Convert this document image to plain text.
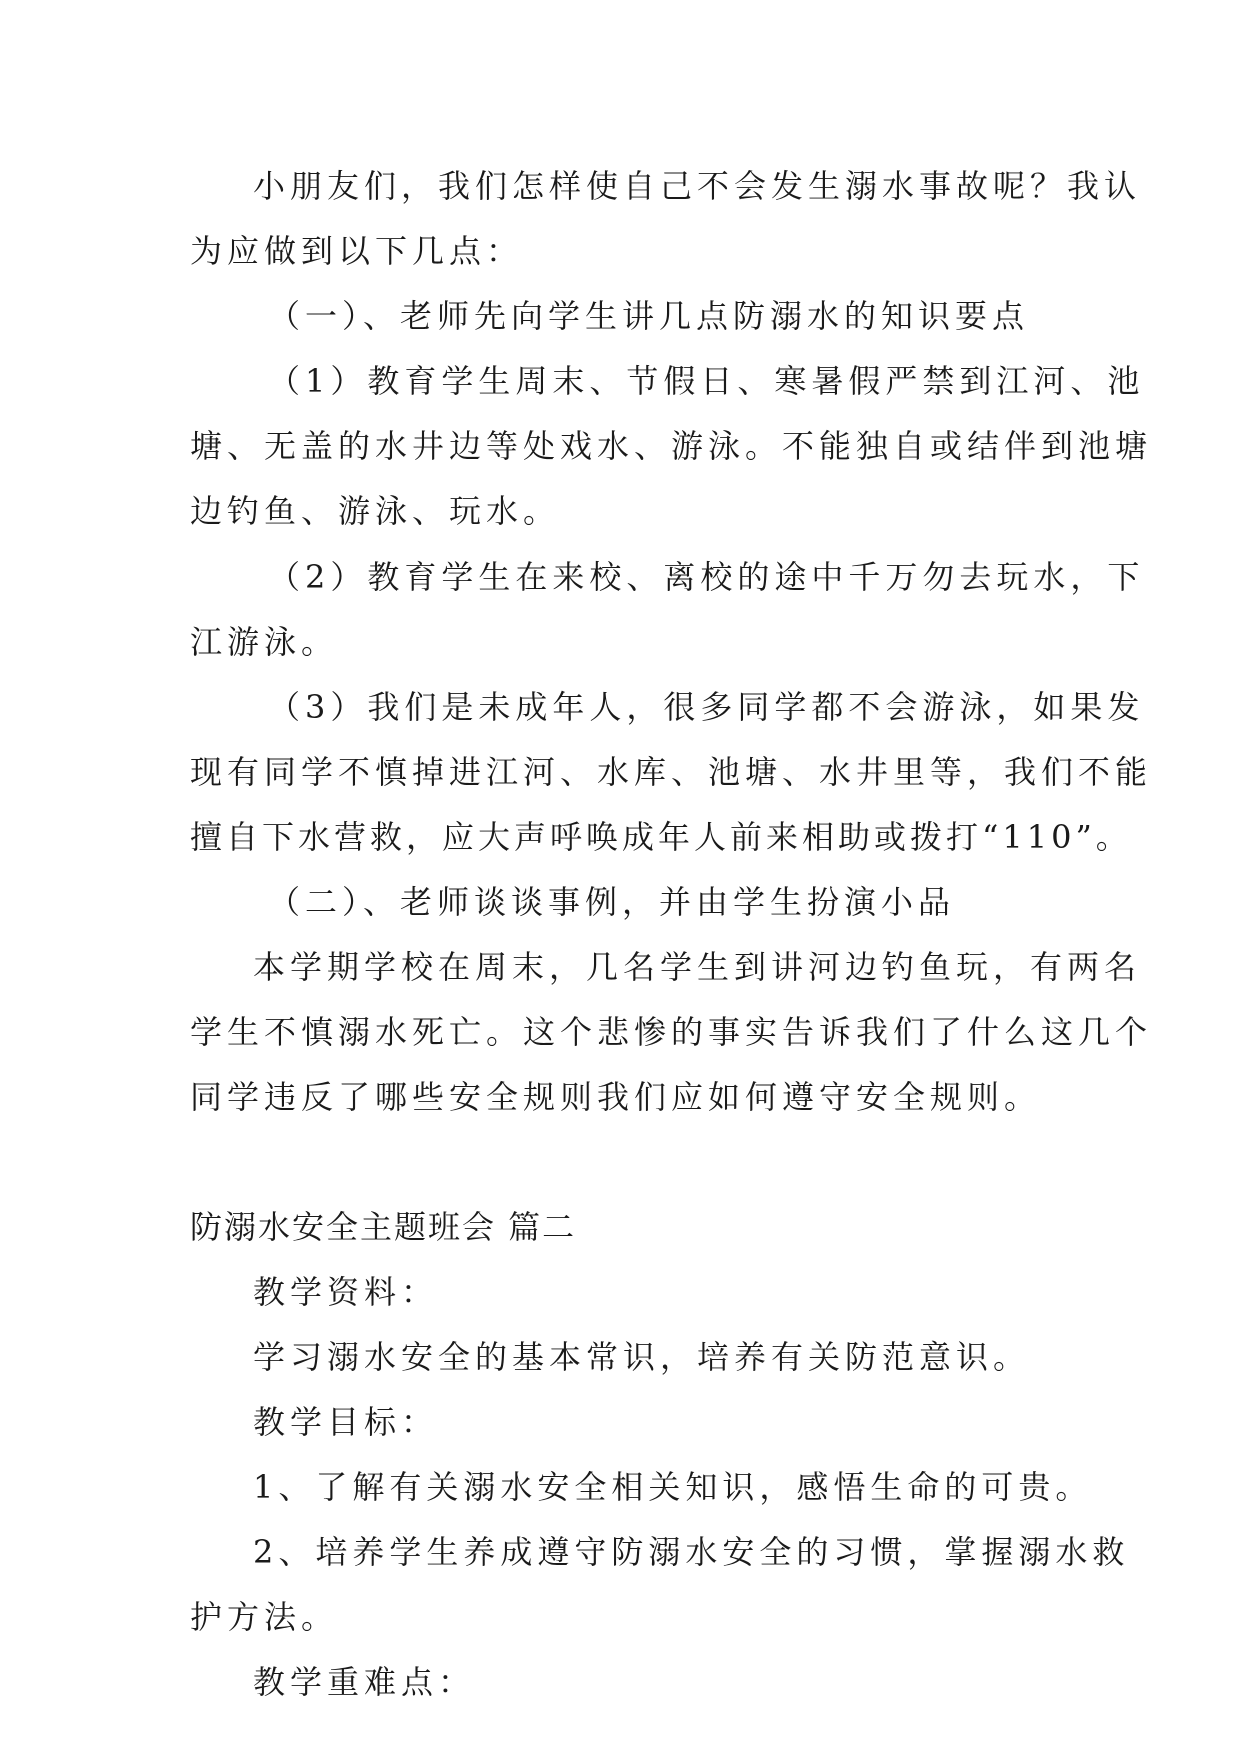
小朋友们，我们怎样使自己不会发生溺水事故呢？我认
为应做到以下几点：
（一）、老师先向学生讲几点防溺水的知识要点
（1）教育学生周末、节假日、寒暑假严禁到江河、池
塘、无盖的水井边等处戏水、游泳。不能独自或结伴到池塘
边钓鱼、游泳、玩水。
（2）教育学生在来校、离校的途中千万勿去玩水，下
江游泳。
（3）我们是未成年人，很多同学都不会游泳，如果发
现有同学不慎掉进江河、水库、池塘、水井里等，我们不能
擅自下水营救，应大声呼唤成年人前来相助或拨打“110”。
（二）、老师谈谈事例，并由学生扮演小品
本学期学校在周末，几名学生到讲河边钓鱼玩，有两名
学生不慎溺水死亡。这个悲惨的事实告诉我们了什么这几个
同学违反了哪些安全规则我们应如何遵守安全规则。
防溺水安全主题班会 篇二
教学资料：
学习溺水安全的基本常识，培养有关防范意识。
教学目标：
1、了解有关溺水安全相关知识，感悟生命的可贵。
2、培养学生养成遵守防溺水安全的习惯，掌握溺水救
护方法。
教学重难点：
